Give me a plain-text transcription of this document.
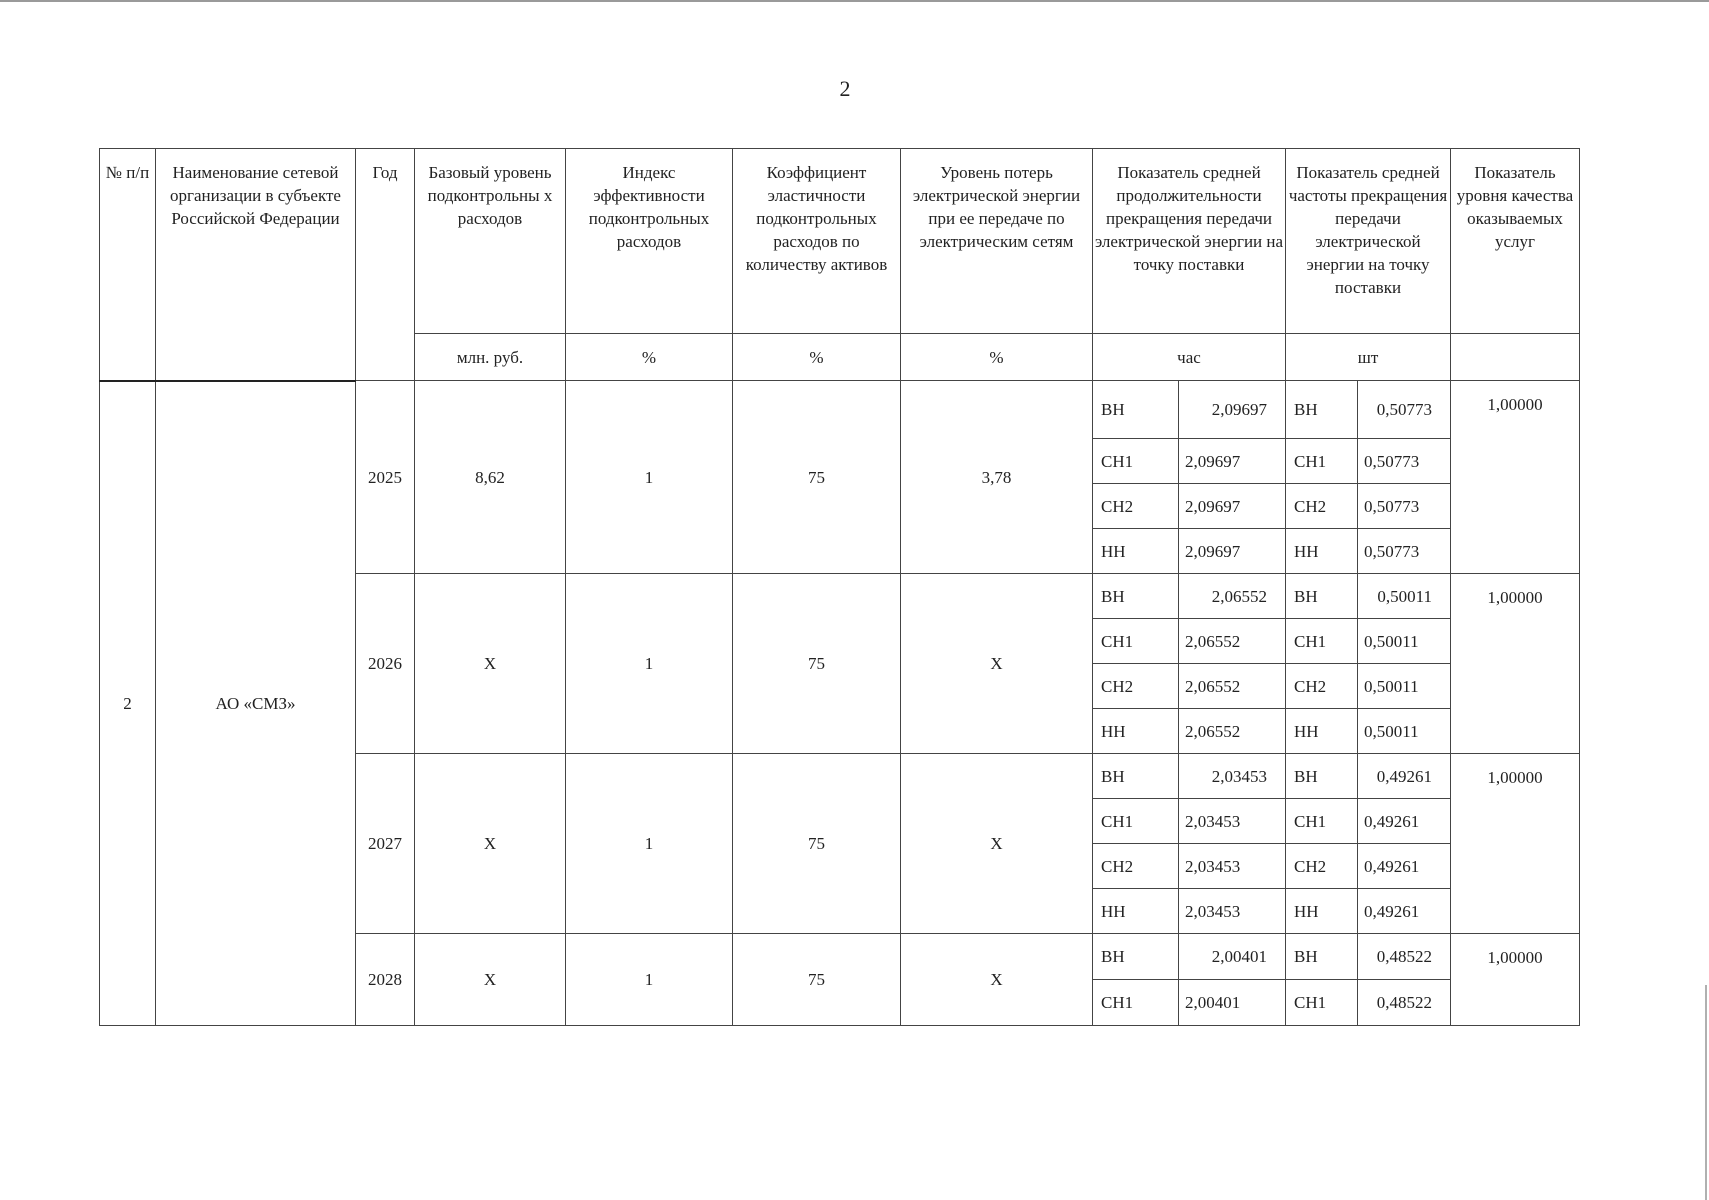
2
№ п/п	Наименование сетевой организации в субъекте Российской Федерации	Год	Базовый уровень подконтрольны х расходов	Индекс эффективности подконтрольных расходов	Коэффициент эластичности подконтрольных расходов по количеству активов	Уровень потерь электрической энергии при ее передаче по электрическим сетям	Показатель средней продолжительности прекращения передачи электрической энергии на точку поставки		Показатель средней частоты прекращения передачи электрической энергии на точку поставки		Показатель уровня качества оказываемых услуг
			млн. руб.	%	%	%	час		шт		
2	АО «СМЗ»	2025	8,62	1	75	3,78	ВН	2,09697	ВН	0,50773	1,00000
							СН1	2,09697	СН1	0,50773	
							СН2	2,09697	СН2	0,50773	
							НН	2,09697	НН	0,50773	
		2026	X	1	75	X	ВН	2,06552	ВН	0,50011	1,00000
							СН1	2,06552	СН1	0,50011	
							СН2	2,06552	СН2	0,50011	
							НН	2,06552	НН	0,50011	
		2027	X	1	75	X	ВН	2,03453	ВН	0,49261	1,00000
							СН1	2,03453	СН1	0,49261	
							СН2	2,03453	СН2	0,49261	
							НН	2,03453	НН	0,49261	
		2028	X	1	75	X	ВН	2,00401	ВН	0,48522	1,00000
							СН1	2,00401	СН1	0,48522	
